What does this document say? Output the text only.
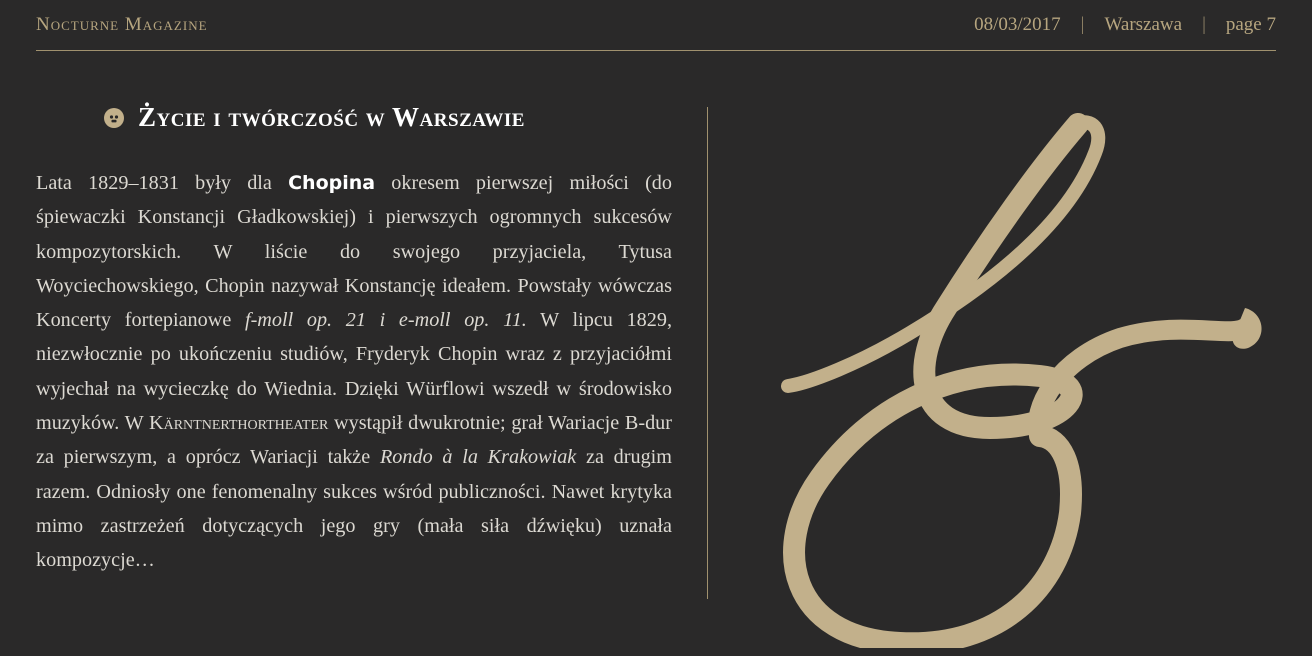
Nocturne Magazine	08/03/2017	|	Warszawa	|	page 7
Życie i twórczość w Warszawie
Lata 1829–1831 były dla Chopina okresem pierwszej miłości (do śpiewaczki Konstancji Gładkowskiej) i pierwszych ogromnych sukcesów kompozytorskich. W liście do swojego przyjaciela, Tytusa Woyciechowskiego, Chopin nazywał Konstancję ideałem. Powstały wówczas Koncerty fortepianowe f-moll op. 21 i e-moll op. 11. W lipcu 1829, niezwłocznie po ukończeniu studiów, Fryderyk Chopin wraz z przyjaciółmi wyjechał na wycieczkę do Wiednia. Dzięki Würflowi wszedł w środowisko muzyków. W Kärntnerthortheater wystąpił dwukrotnie; grał Wariacje B-dur za pierwszym, a oprócz Wariacji także Rondo à la Krakowiak za drugim razem. Odniosły one fenomenalny sukces wśród publiczności. Nawet krytyka mimo zastrzeżeń dotyczących jego gry (mała siła dźwięku) uznała kompozycje…
